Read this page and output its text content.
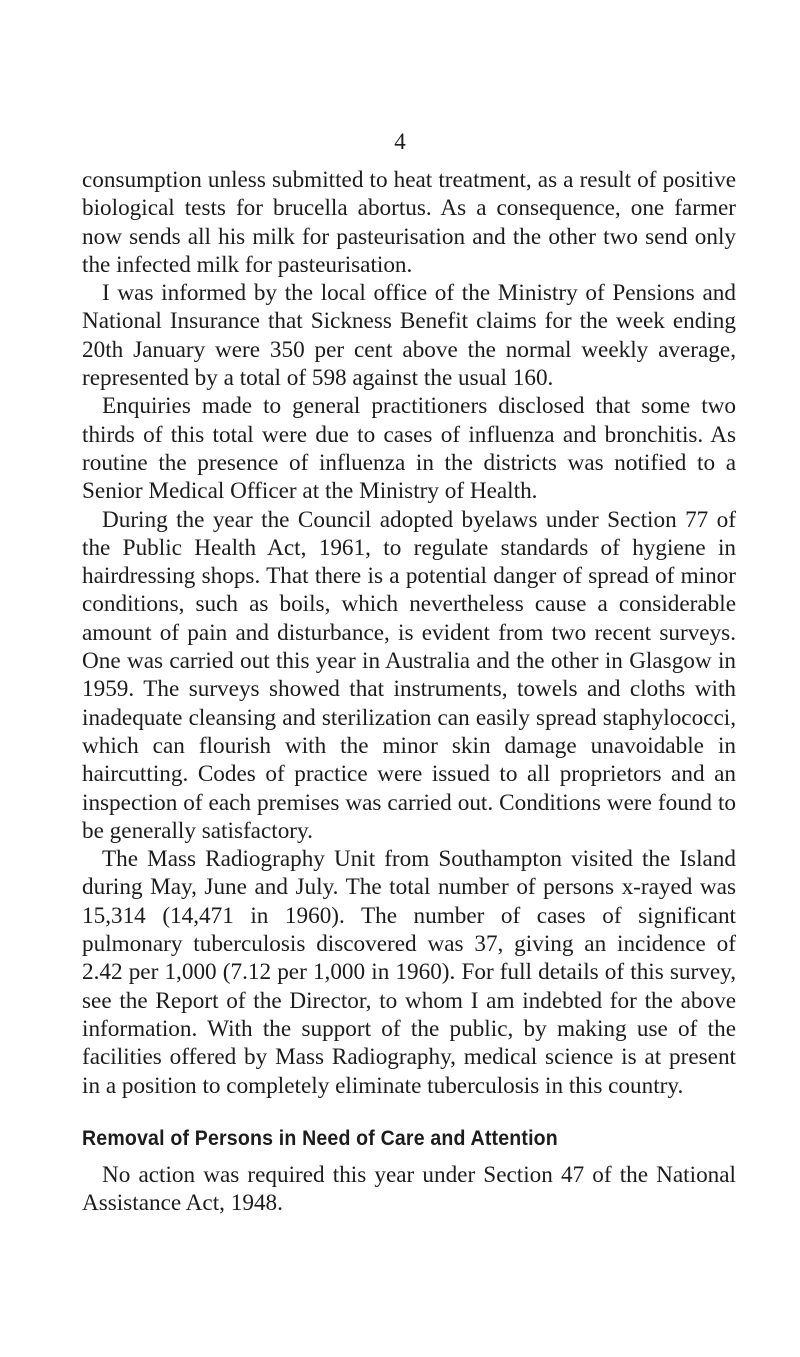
4

consumption unless submitted to heat treatment, as a result of positive biological tests for brucella abortus. As a consequence, one farmer now sends all his milk for pasteurisation and the other two send only the infected milk for pasteurisation.

I was informed by the local office of the Ministry of Pensions and National Insurance that Sickness Benefit claims for the week ending 20th January were 350 per cent above the normal weekly average, represented by a total of 598 against the usual 160.

Enquiries made to general practitioners disclosed that some two thirds of this total were due to cases of influenza and bronchitis. As routine the presence of influenza in the districts was notified to a Senior Medical Officer at the Ministry of Health.

During the year the Council adopted byelaws under Section 77 of the Public Health Act, 1961, to regulate standards of hygiene in hairdressing shops. That there is a potential danger of spread of minor conditions, such as boils, which nevertheless cause a considerable amount of pain and disturbance, is evident from two recent surveys. One was carried out this year in Australia and the other in Glasgow in 1959. The surveys showed that instruments, towels and cloths with inadequate cleansing and sterilization can easily spread staphylococci, which can flourish with the minor skin damage unavoidable in haircutting. Codes of practice were issued to all proprietors and an inspection of each premises was carried out. Conditions were found to be generally satisfactory.

The Mass Radiography Unit from Southampton visited the Island during May, June and July. The total number of persons x-rayed was 15,314 (14,471 in 1960). The number of cases of significant pulmonary tuberculosis discovered was 37, giving an incidence of 2.42 per 1,000 (7.12 per 1,000 in 1960). For full details of this survey, see the Report of the Director, to whom I am indebted for the above information. With the support of the public, by making use of the facilities offered by Mass Radiography, medical science is at present in a position to completely eliminate tuberculosis in this country.

Removal of Persons in Need of Care and Attention

No action was required this year under Section 47 of the National Assistance Act, 1948.
